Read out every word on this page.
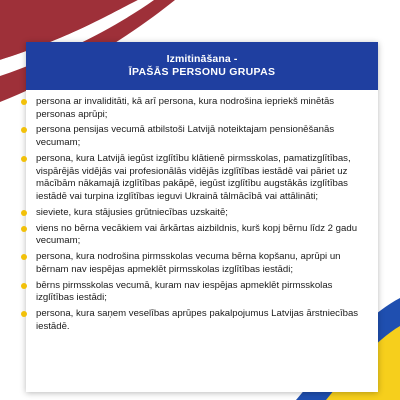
Izmitināšana -
ĪPAŠĀS PERSONU GRUPAS
persona ar invaliditāti, kā arī persona, kura nodrošina iepriekš minētās personas aprūpi;
persona pensijas vecumā atbilstoši Latvijā noteiktajam pensionēšanās vecumam;
persona, kura Latvijā iegūst izglītību klātienē pirmsskolas, pamatizglītības, vispārējās vidējās vai profesionālās vidējās izglītības iestādē vai pāriet uz mācībām nākamajā izglītības pakāpē, iegūst izglītību augstākās izglītības iestādē vai turpina izglītības ieguvi Ukrainā tālmācībā vai attālināti;
sieviete, kura stājusies grūtniecības uzskaitē;
viens no bērna vecākiem vai ārkārtas aizbildnis, kurš kopj bērnu līdz 2 gadu vecumam;
persona, kura nodrošina pirmsskolas vecuma bērna kopšanu, aprūpi un bērnam nav iespējas apmeklēt pirmsskolas izglītības iestādi;
bērns pirmsskolas vecumā, kuram nav iespējas apmeklēt pirmsskolas izglītības iestādi;
persona, kura saņem veselības aprūpes pakalpojumus Latvijas ārstniecības iestādē.
